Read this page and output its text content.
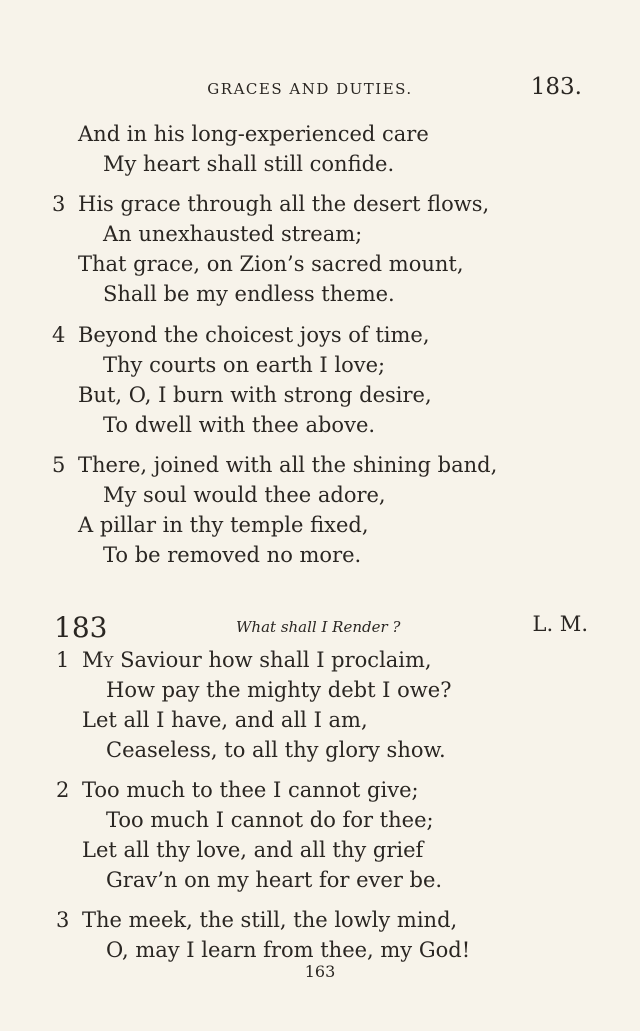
GRACES AND DUTIES.	183.
And in his long-experienced care
My heart shall still confide.
3 His grace through all the desert flows,
An unexhausted stream;
That grace, on Zion’s sacred mount,
Shall be my endless theme.
4 Beyond the choicest joys of time,
Thy courts on earth I love;
But, O, I burn with strong desire,
To dwell with thee above.
5 There, joined with all the shining band,
My soul would thee adore,
A pillar in thy temple fixed,
To be removed no more.
183	What shall I Render ?	L. M.
1 My Saviour how shall I proclaim,
How pay the mighty debt I owe?
Let all I have, and all I am,
Ceaseless, to all thy glory show.
2 Too much to thee I cannot give;
Too much I cannot do for thee;
Let all thy love, and all thy grief
Grav’n on my heart for ever be.
3 The meek, the still, the lowly mind,
O, may I learn from thee, my God!
163
